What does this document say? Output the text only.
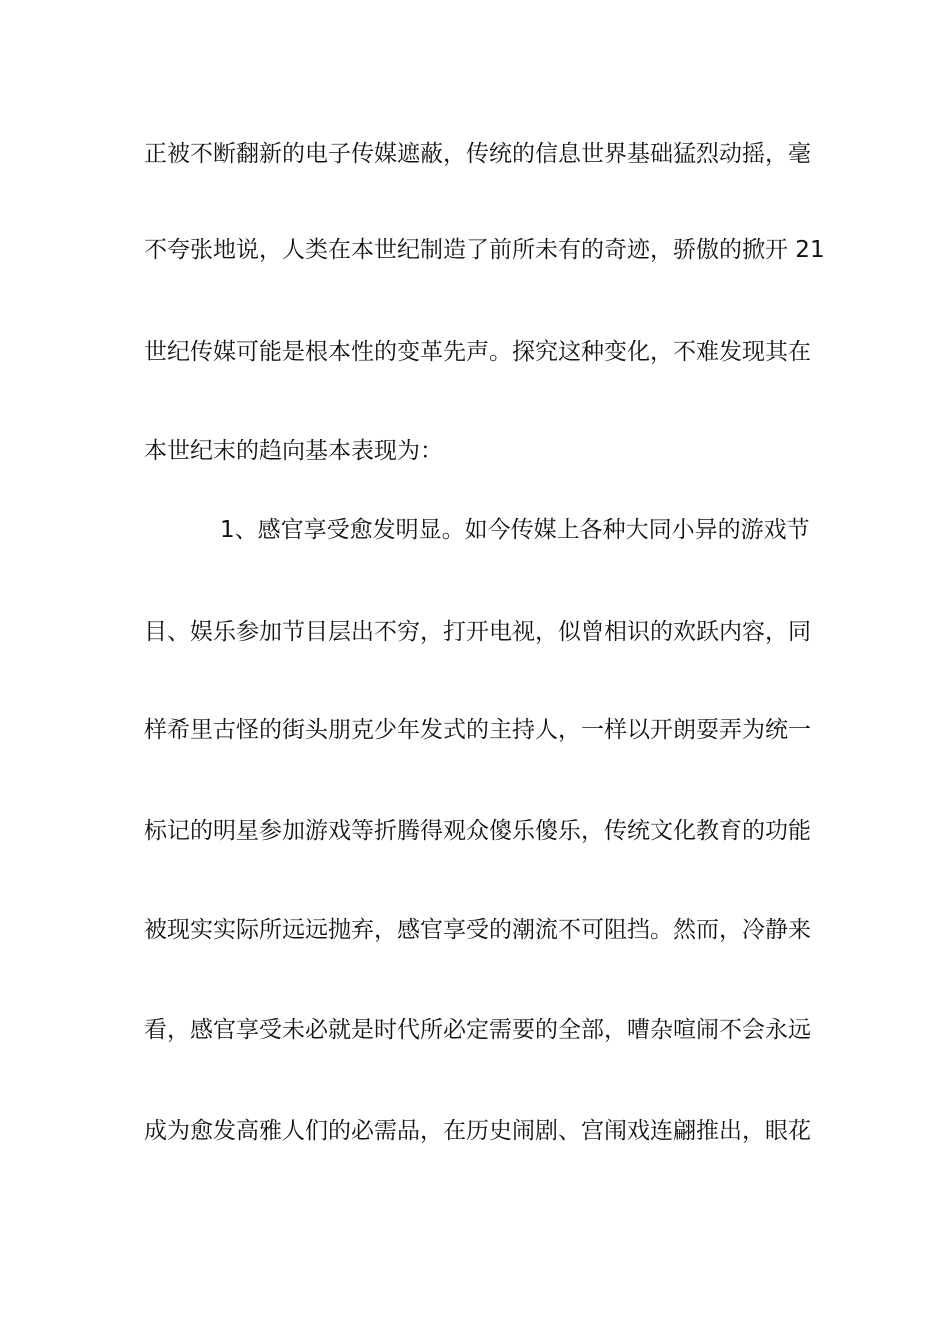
正被不断翻新的电子传媒遮蔽，传统的信息世界基础猛烈动摇，毫
不夸张地说，人类在本世纪制造了前所未有的奇迹，骄傲的掀开 21
世纪传媒可能是根本性的变革先声。探究这种变化，不难发现其在
本世纪末的趋向基本表现为：
1、感官享受愈发明显。如今传媒上各种大同小异的游戏节
目、娱乐参加节目层出不穷，打开电视，似曾相识的欢跃内容，同
样希里古怪的街头朋克少年发式的主持人，一样以开朗耍弄为统一
标记的明星参加游戏等折腾得观众傻乐傻乐，传统文化教育的功能
被现实实际所远远抛弃，感官享受的潮流不可阻挡。然而，冷静来
看，感官享受未必就是时代所必定需要的全部，嘈杂喧闹不会永远
成为愈发高雅人们的必需品，在历史闹剧、宫闱戏连翩推出，眼花
